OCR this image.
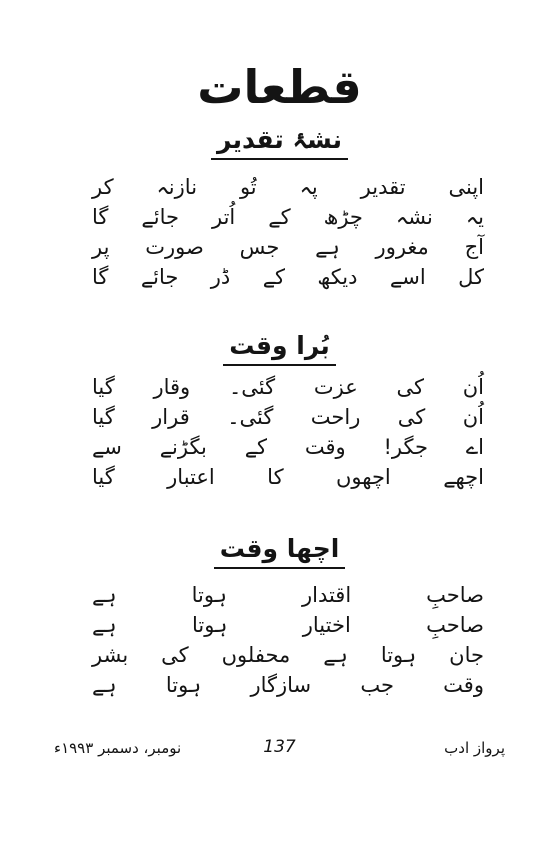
قطعات
نشۂ تقدیر
اپنی تقدیر پہ تُو نازنہ کر
یہ نشہ چڑھ کے اُتر جائے گا
آج مغرور ہے جس صورت پر
کل اسے دیکھ کے ڈر جائے گا
بُرا وقت
اُن کی عزت گئی۔ وقار گیا
اُن کی راحت گئی۔ قرار گیا
اے جگر! وقت کے بگڑنے سے
اچھے اچھوں کا اعتبار گیا
اچھا وقت
صاحبِ اقتدار ہوتا ہے
صاحبِ اختیار ہوتا ہے
جان ہوتا ہے محفلوں کی بشر
وقت جب سازگار ہوتا ہے
پرواز ادب
137
نومبر، دسمبر ۱۹۹۳ء
